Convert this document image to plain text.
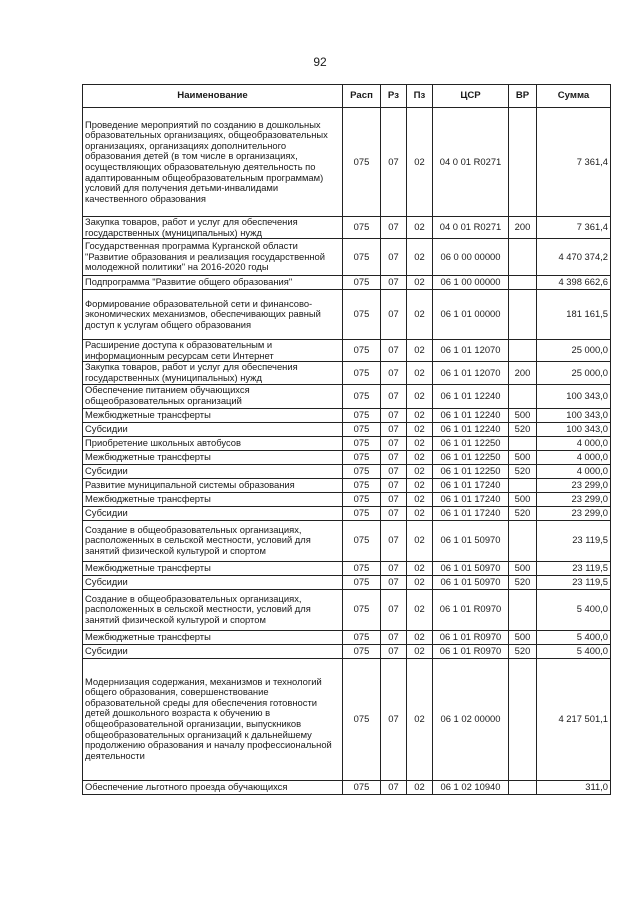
92
Наименование	Расп	Рз	Пз	ЦСР	ВР	Сумма
Проведение мероприятий по созданию в дошкольных образовательных организациях, общеобразовательных организациях, организациях дополнительного образования детей (в том числе в организациях, осуществляющих образовательную деятельность по адаптированным общеобразовательным программам) условий для получения детьми-инвалидами качественного образования	075	07	02	04 0 01 R0271		7 361,4
Закупка товаров, работ и услуг для обеспечения государственных (муниципальных) нужд	075	07	02	04 0 01 R0271	200	7 361,4
Государственная программа Курганской области "Развитие образования и реализация государственной молодежной политики" на 2016-2020 годы	075	07	02	06 0 00 00000		4 470 374,2
Подпрограмма "Развитие общего образования"	075	07	02	06 1 00 00000		4 398 662,6
Формирование образовательной сети и финансово-экономических механизмов, обеспечивающих равный доступ к услугам общего образования	075	07	02	06 1 01 00000		181 161,5
Расширение доступа к образовательным и информационным ресурсам сети Интернет	075	07	02	06 1 01 12070		25 000,0
Закупка товаров, работ и услуг для обеспечения государственных (муниципальных) нужд	075	07	02	06 1 01 12070	200	25 000,0
Обеспечение питанием обучающихся общеобразовательных организаций	075	07	02	06 1 01 12240		100 343,0
Межбюджетные трансферты	075	07	02	06 1 01 12240	500	100 343,0
Субсидии	075	07	02	06 1 01 12240	520	100 343,0
Приобретение школьных автобусов	075	07	02	06 1 01 12250		4 000,0
Межбюджетные трансферты	075	07	02	06 1 01 12250	500	4 000,0
Субсидии	075	07	02	06 1 01 12250	520	4 000,0
Развитие муниципальной системы образования	075	07	02	06 1 01 17240		23 299,0
Межбюджетные трансферты	075	07	02	06 1 01 17240	500	23 299,0
Субсидии	075	07	02	06 1 01 17240	520	23 299,0
Создание в общеобразовательных организациях, расположенных в сельской местности, условий для занятий физической культурой и спортом	075	07	02	06 1 01 50970		23 119,5
Межбюджетные трансферты	075	07	02	06 1 01 50970	500	23 119,5
Субсидии	075	07	02	06 1 01 50970	520	23 119,5
Создание в общеобразовательных организациях, расположенных в сельской местности, условий для занятий физической культурой и спортом	075	07	02	06 1 01 R0970		5 400,0
Межбюджетные трансферты	075	07	02	06 1 01 R0970	500	5 400,0
Субсидии	075	07	02	06 1 01 R0970	520	5 400,0
Модернизация содержания, механизмов и технологий общего образования, совершенствование образовательной среды для обеспечения готовности детей дошкольного возраста к обучению в общеобразовательной организации, выпускников общеобразовательных организаций к дальнейшему продолжению образования и началу профессиональной деятельности	075	07	02	06 1 02 00000		4 217 501,1
Обеспечение льготного проезда обучающихся	075	07	02	06 1 02 10940		311,0
